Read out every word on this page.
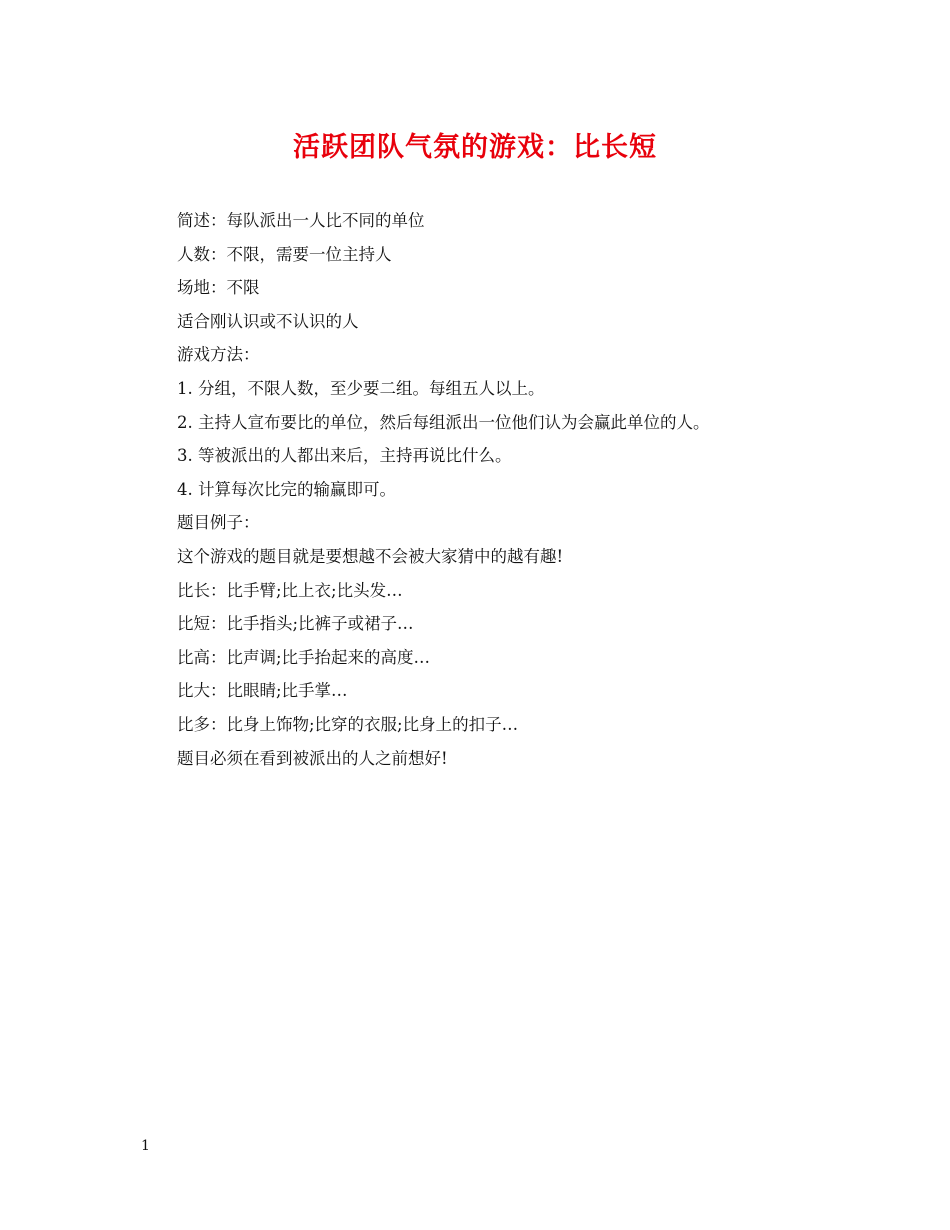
活跃团队气氛的游戏：比长短
简述：每队派出一人比不同的单位
人数：不限，需要一位主持人
场地：不限
适合刚认识或不认识的人
游戏方法：
1. 分组，不限人数，至少要二组。每组五人以上。
2. 主持人宣布要比的单位，然后每组派出一位他们认为会赢此单位的人。
3. 等被派出的人都出来后，主持再说比什么。
4. 计算每次比完的输赢即可。
题目例子：
这个游戏的题目就是要想越不会被大家猜中的越有趣!
比长：比手臂;比上衣;比头发…
比短：比手指头;比裤子或裙子…
比高：比声调;比手抬起来的高度…
比大：比眼睛;比手掌…
比多：比身上饰物;比穿的衣服;比身上的扣子…
题目必须在看到被派出的人之前想好!
1
